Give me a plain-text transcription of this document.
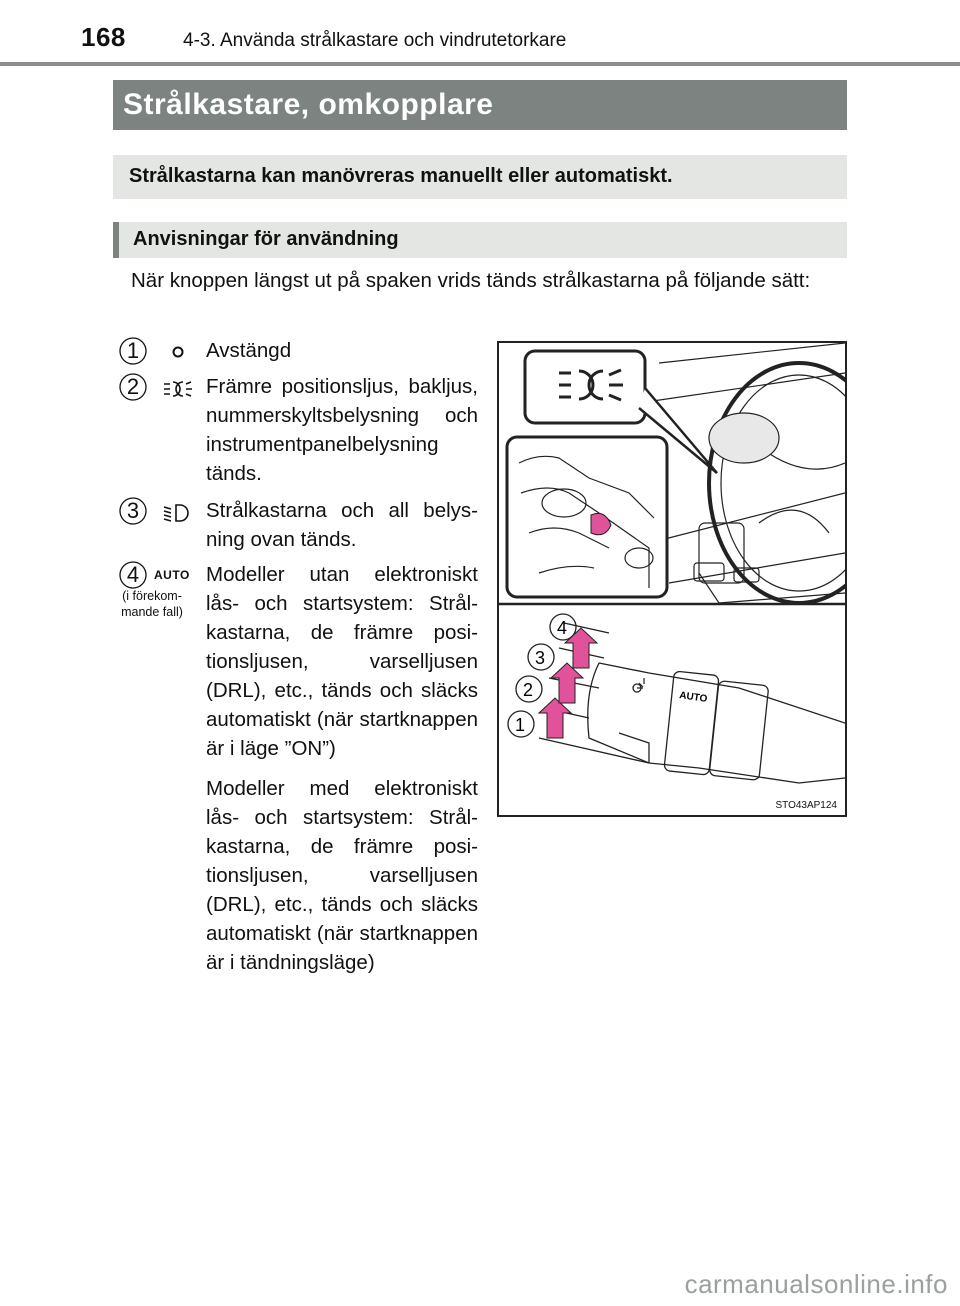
168	4-3. Använda strålkastare och vindrutetorkare
Strålkastare, omkopplare
Strålkastarna kan manövreras manuellt eller automatiskt.
Anvisningar för användning
När knoppen längst ut på spaken vrids tänds strålkastarna på följande sätt:
1	Avstängd
2	Främre positionsljus, bakljus, nummerskyltsbelysning och instrumentpanelbelysning tänds.
3	Strålkastarna och all belysning ovan tänds.
4	AUTO
(i förekommande fall)
Modeller utan elektroniskt lås- och startsystem: Strålkastarna, de främre positionsljusen, varselljusen (DRL), etc., tänds och släcks automatiskt (när startknappen är i läge ”ON”)
Modeller med elektroniskt lås- och startsystem: Strålkastarna, de främre positionsljusen, varselljusen (DRL), etc., tänds och släcks automatiskt (när startknappen är i tändningsläge)
1
2
3
4
AUTO
STO43AP124
carmanualsonline.info
